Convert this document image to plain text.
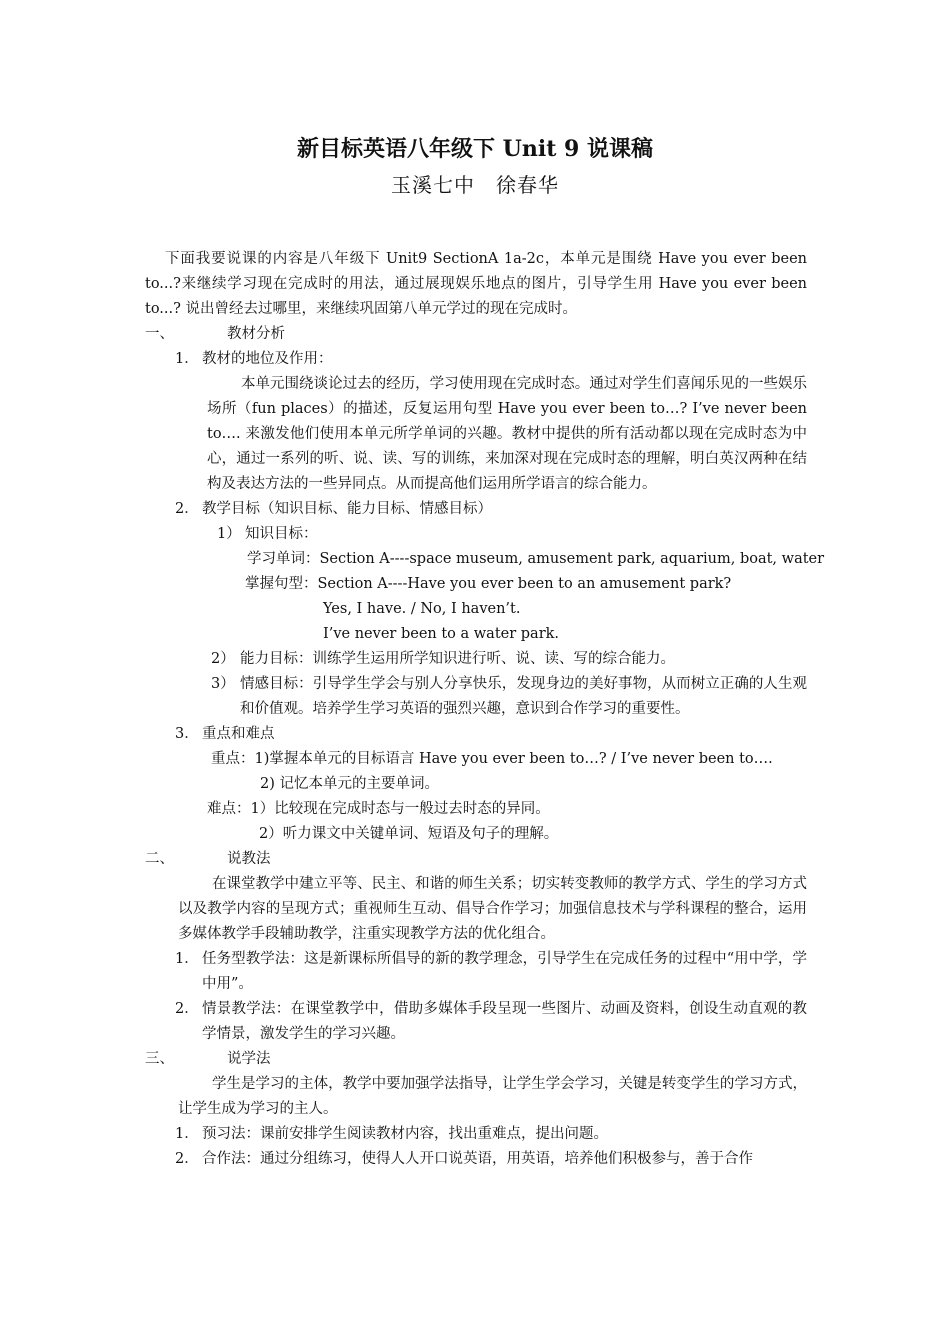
新目标英语八年级下 Unit 9 说课稿
玉溪七中　徐春华
下面我要说课的内容是八年级下 Unit9 SectionA 1a-2c，本单元是围绕 Have you ever been to...?来继续学习现在完成时的用法，通过展现娱乐地点的图片，引导学生用 Have you ever been to...? 说出曾经去过哪里，来继续巩固第八单元学过的现在完成时。
一、	教材分析
1． 教材的地位及作用：
本单元围绕谈论过去的经历，学习使用现在完成时态。通过对学生们喜闻乐见的一些娱乐场所（fun places）的描述，反复运用句型 Have you ever been to…? I’ve never been to…. 来激发他们使用本单元所学单词的兴趣。教材中提供的所有活动都以现在完成时态为中心，通过一系列的听、说、读、写的训练，来加深对现在完成时态的理解，明白英汉两种在结构及表达方法的一些异同点。从而提高他们运用所学语言的综合能力。
2． 教学目标（知识目标、能力目标、情感目标）
1） 知识目标：
学习单词：Section A----space museum, amusement park, aquarium, boat, water
掌握句型：Section A----Have you ever been to an amusement park?
Yes, I have. / No, I haven’t.
I’ve never been to a water park.
2） 能力目标：训练学生运用所学知识进行听、说、读、写的综合能力。
3） 情感目标：引导学生学会与别人分享快乐，发现身边的美好事物，从而树立正确的人生观和价值观。培养学生学习英语的强烈兴趣，意识到合作学习的重要性。
3． 重点和难点
重点：1)掌握本单元的目标语言 Have you ever been to…? / I’ve never been to….
2) 记忆本单元的主要单词。
难点：1）比较现在完成时态与一般过去时态的异同。
2）听力课文中关键单词、短语及句子的理解。
二、	说教法
在课堂教学中建立平等、民主、和谐的师生关系；切实转变教师的教学方式、学生的学习方式以及教学内容的呈现方式；重视师生互动、倡导合作学习；加强信息技术与学科课程的整合，运用多媒体教学手段辅助教学，注重实现教学方法的优化组合。
1． 任务型教学法：这是新课标所倡导的新的教学理念，引导学生在完成任务的过程中“用中学，学中用”。
2． 情景教学法：在课堂教学中，借助多媒体手段呈现一些图片、动画及资料，创设生动直观的教学情景，激发学生的学习兴趣。
三、	说学法
学生是学习的主体，教学中要加强学法指导，让学生学会学习，关键是转变学生的学习方式，让学生成为学习的主人。
1． 预习法：课前安排学生阅读教材内容，找出重难点，提出问题。
2． 合作法：通过分组练习，使得人人开口说英语，用英语，培养他们积极参与，善于合作
